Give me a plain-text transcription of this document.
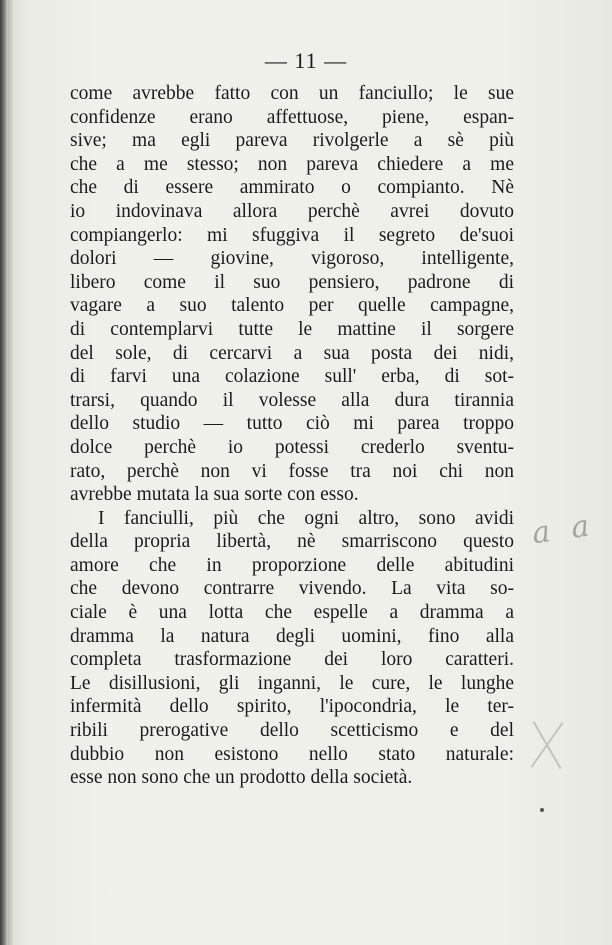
— 11 —
come avrebbe fatto con un fanciullo; le sue
confidenze erano affettuose, piene, espan-
sive; ma egli pareva rivolgerle a sè più
che a me stesso; non pareva chiedere a me
che di essere ammirato o compianto. Nè
io indovinava allora perchè avrei dovuto
compiangerlo: mi sfuggiva il segreto de'suoi
dolori — giovine, vigoroso, intelligente,
libero come il suo pensiero, padrone di
vagare a suo talento per quelle campagne,
di contemplarvi tutte le mattine il sorgere
del sole, di cercarvi a sua posta dei nidi,
di farvi una colazione sull' erba, di sot-
trarsi, quando il volesse alla dura tirannia
dello studio — tutto ciò mi parea troppo
dolce perchè io potessi crederlo sventu-
rato, perchè non vi fosse tra noi chi non
avrebbe mutata la sua sorte con esso.
I fanciulli, più che ogni altro, sono avidi
della propria libertà, nè smarriscono questo
amore che in proporzione delle abitudini
che devono contrarre vivendo. La vita so-
ciale è una lotta che espelle a dramma a
dramma la natura degli uomini, fino alla
completa trasformazione dei loro caratteri.
Le disillusioni, gli inganni, le cure, le lunghe
infermità dello spirito, l'ipocondria, le ter-
ribili prerogative dello scetticismo e del
dubbio non esistono nello stato naturale:
esse non sono che un prodotto della società.
a a
